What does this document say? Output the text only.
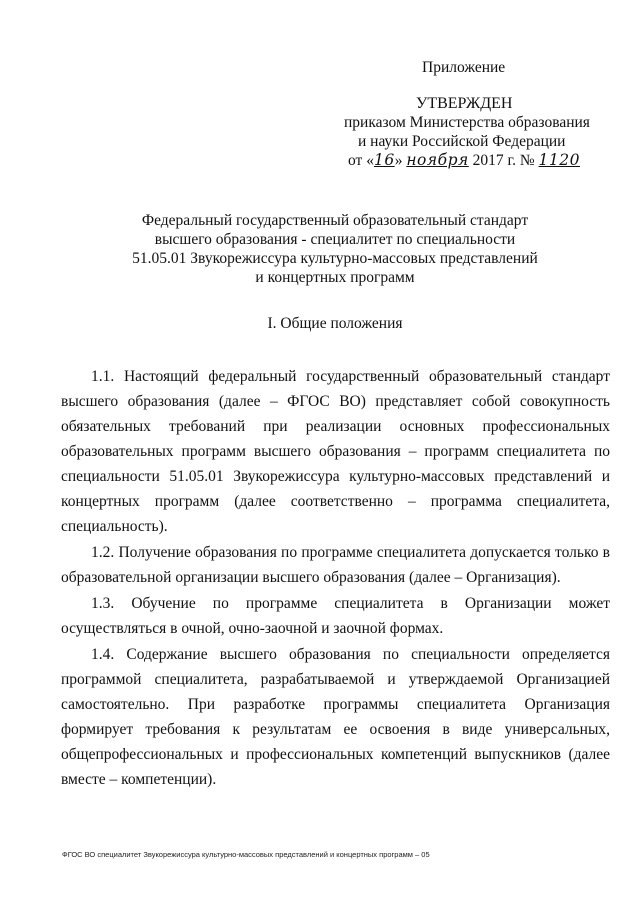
Приложение
УТВЕРЖДЕН
приказом Министерства образования
и науки Российской Федерации
от «16» ноября 2017 г. № 1120
Федеральный государственный образовательный стандарт
высшего образования - специалитет по специальности
51.05.01 Звукорежиссура культурно-массовых представлений
и концертных программ
I. Общие положения

1.1. Настоящий федеральный государственный образовательный стандарт высшего образования (далее – ФГОС ВО) представляет собой совокупность обязательных требований при реализации основных профессиональных образовательных программ высшего образования – программ специалитета по специальности 51.05.01 Звукорежиссура культурно-массовых представлений и концертных программ (далее соответственно – программа специалитета, специальность).

1.2. Получение образования по программе специалитета допускается только в образовательной организации высшего образования (далее – Организация).

1.3. Обучение по программе специалитета в Организации может осуществляться в очной, очно-заочной и заочной формах.

1.4. Содержание высшего образования по специальности определяется программой специалитета, разрабатываемой и утверждаемой Организацией самостоятельно. При разработке программы специалитета Организация формирует требования к результатам ее освоения в виде универсальных, общепрофессиональных и профессиональных компетенций выпускников (далее вместе – компетенции).

ФГОС ВО специалитет Звукорежиссура культурно-массовых представлений и концертных программ – 05
